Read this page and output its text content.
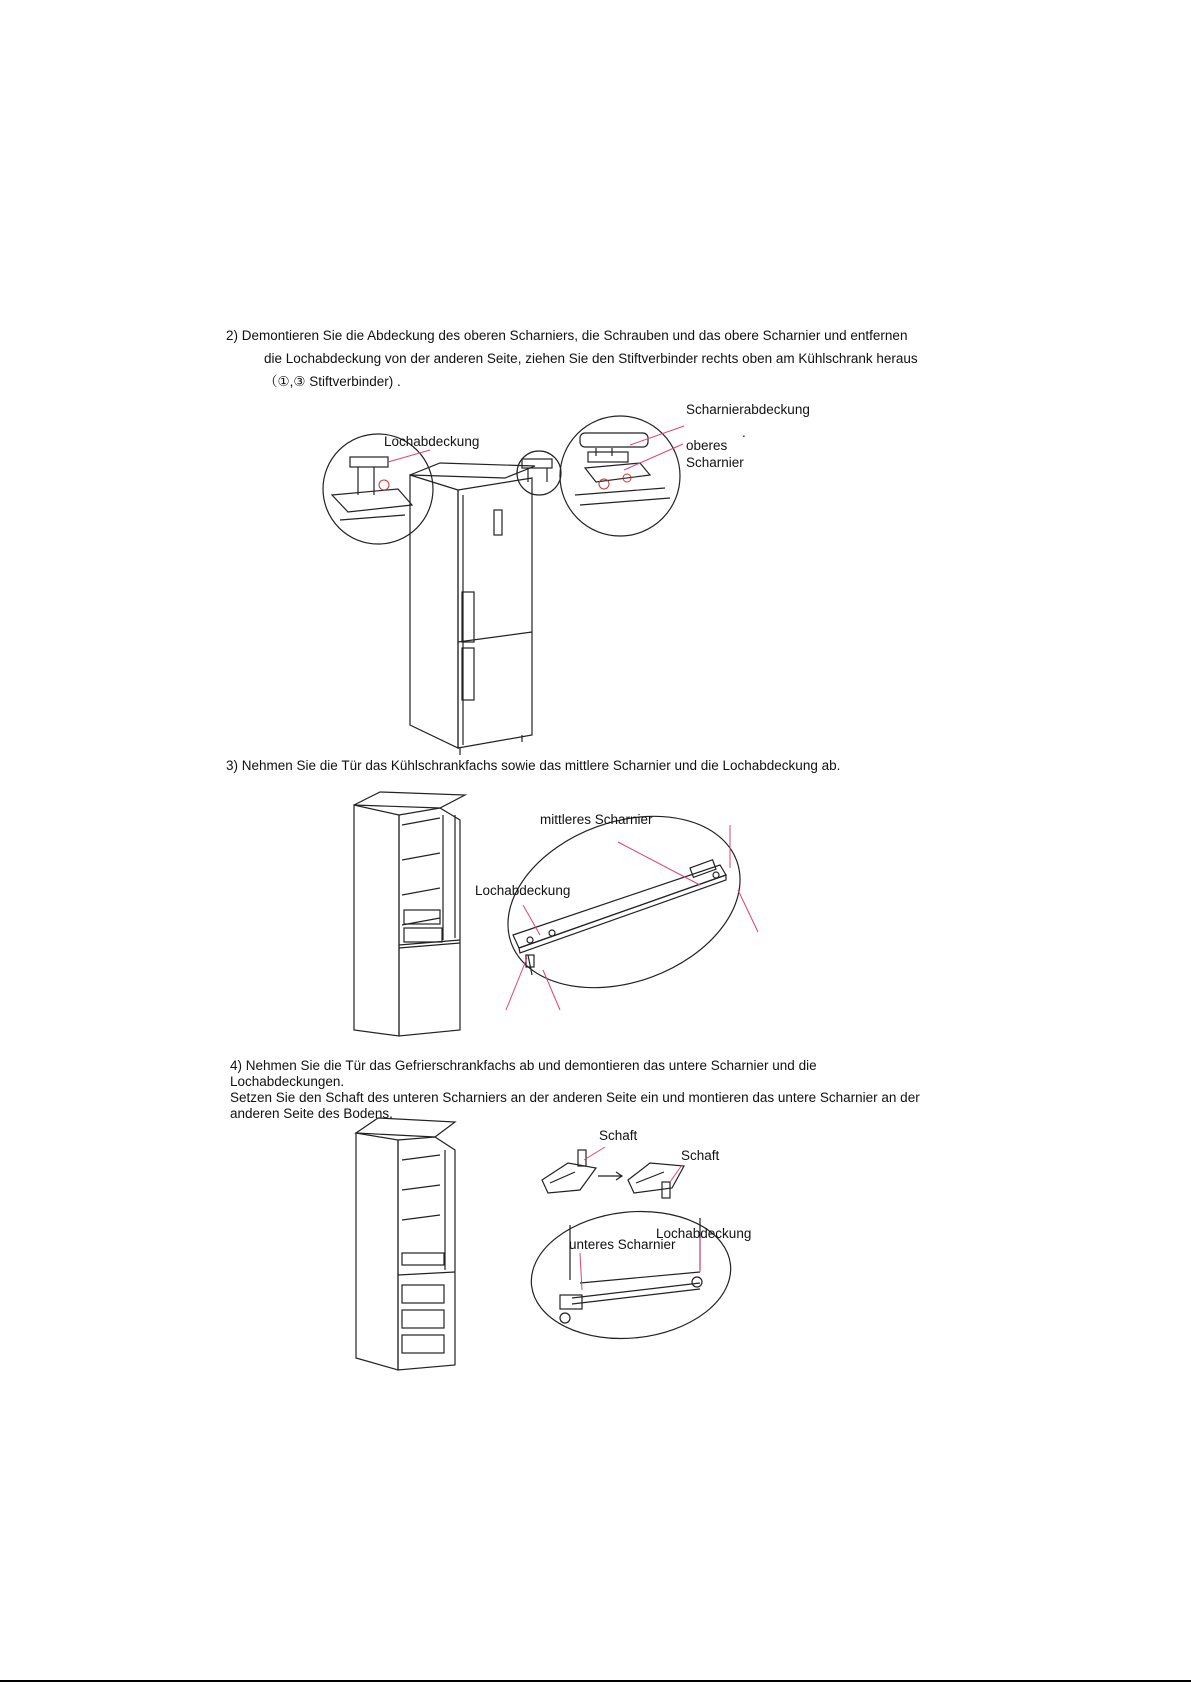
2) Demontieren Sie die Abdeckung des oberen Scharniers, die Schrauben und das obere Scharnier und entfernen
die Lochabdeckung von der anderen Seite, ziehen Sie den Stiftverbinder rechts oben am Kühlschrank heraus
（①,③ Stiftverbinder) .
3) Nehmen Sie die Tür das Kühlschrankfachs sowie das mittlere Scharnier und die Lochabdeckung ab.
4) Nehmen Sie die Tür das Gefrierschrankfachs ab und demontieren das untere Scharnier und die
Lochabdeckungen.
Setzen Sie den Schaft des unteren Scharniers an der anderen Seite ein und montieren das untere Scharnier an der
anderen Seite des Bodens.
Lochabdeckung
Scharnierabdeckung
.
oberes
Scharnier
mittleres Scharnier
Lochabdeckung
Schaft
Schaft
Lochabdeckung
unteres Scharnier
